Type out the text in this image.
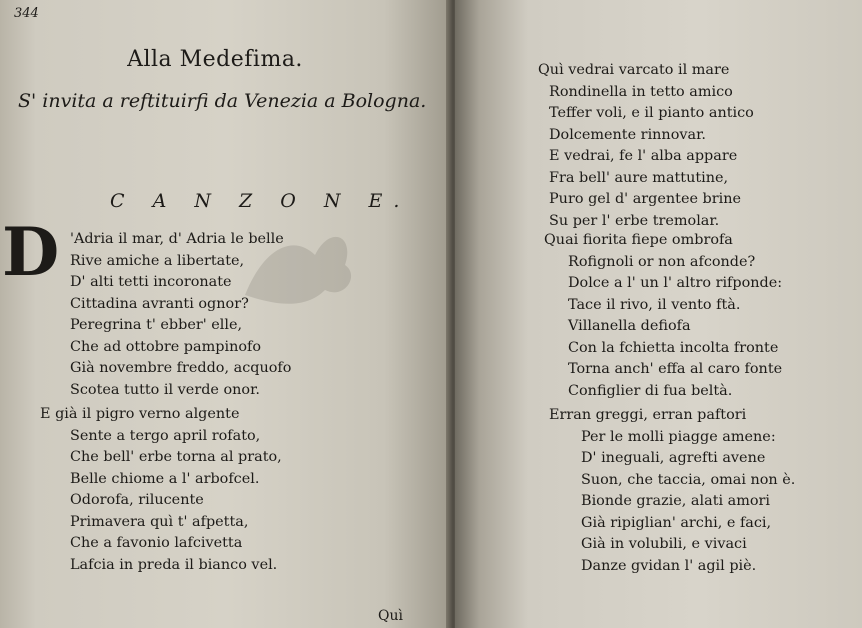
344
Alla Medefima.
S' invita a reftituirfi da Venezia a Bologna.
C A N Z O N E.
D 'Adria il mar, d' Adria le belle
Rive amiche a libertate,
D' alti tetti incoronate
Cittadina avranti ognor?
Peregrina t' ebber' elle,
Che ad ottobre pampinofo
Già novembre freddo, acquofo
Scotea tutto il verde onor.
E già il pigro verno algente
Sente a tergo april rofato,
Che bell' erbe torna al prato,
Belle chiome a l' arbofcel.
Odorofa, rilucente
Primavera quì t' afpetta,
Che a favonio lafcivetta
Lafcia in preda il bianco vel.
Quì
Quì vedrai varcato il mare
Rondinella in tetto amico
Teffer voli, e il pianto antico
Dolcemente rinnovar.
E vedrai, fe l' alba appare
Fra bell' aure mattutine,
Puro gel d' argentee brine
Su per l' erbe tremolar.
Quai fiorita fiepe ombrofa
Rofignoli or non afconde?
Dolce a l' un l' altro rifponde:
Tace il rivo, il vento ftà.
Villanella defiofa
Con la fchietta incolta fronte
Torna anch' effa al caro fonte
Configlier di fua beltà.
Erran greggi, erran paftori
Per le molli piagge amene:
D' ineguali, agrefti avene
Suon, che taccia, omai non è.
Bionde grazie, alati amori
Già ripiglian' archi, e faci,
Già in volubili, e vivaci
Danze gvidan l' agil piè.
